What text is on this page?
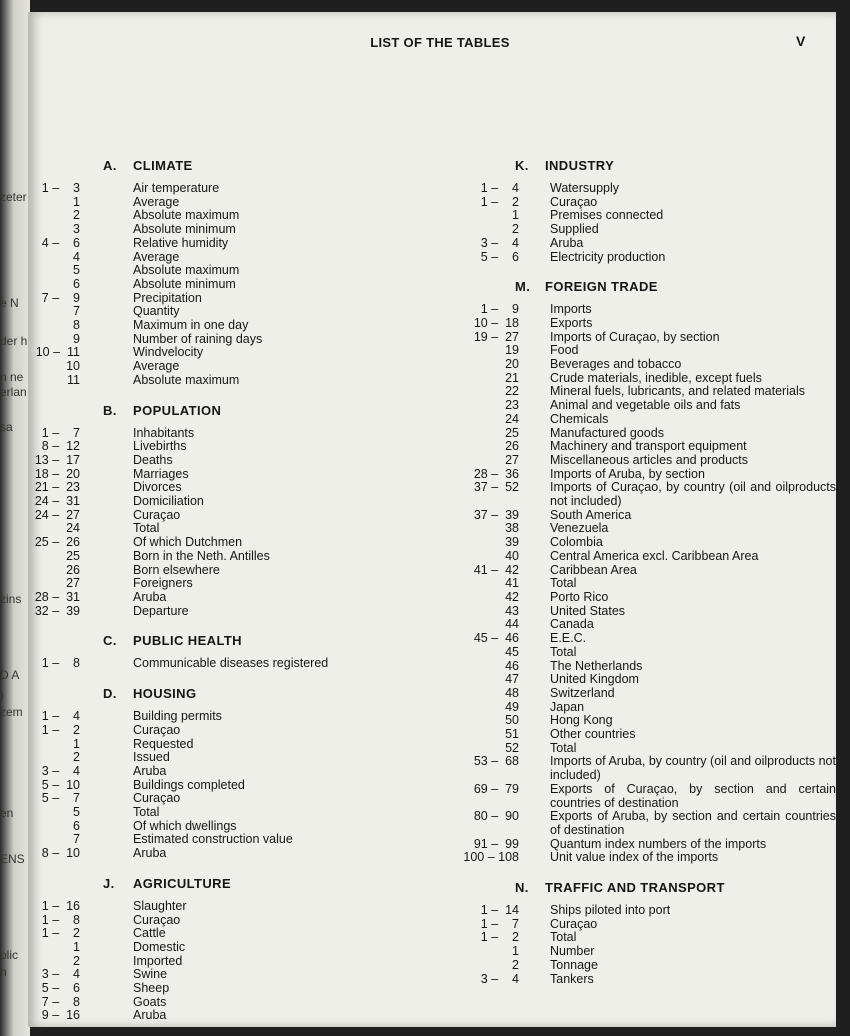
zeter
e N
der h
n ne
erlan
sa
zins
D A
)
zem
en
ENS
olic
n
LIST OF THE TABLES	V
A.	CLIMATE
1 –    3	Air temperature
1	Average
2	Absolute maximum
3	Absolute minimum
4 –    6	Relative humidity
4	Average
5	Absolute maximum
6	Absolute minimum
7 –    9	Precipitation
7	Quantity
8	Maximum in one day
9	Number of raining days
10 –  11	Windvelocity
10	Average
11	Absolute maximum
B.	POPULATION
1 –    7	Inhabitants
8 –  12	Livebirths
13 –  17	Deaths
18 –  20	Marriages
21 –  23	Divorces
24 –  31	Domiciliation
24 –  27	Curaçao
24	Total
25 –  26	Of which Dutchmen
25	Born in the Neth. Antilles
26	Born elsewhere
27	Foreigners
28 –  31	Aruba
32 –  39	Departure
C.	PUBLIC HEALTH
1 –    8	Communicable diseases registered
D.	HOUSING
1 –    4	Building permits
1 –    2	Curaçao
1	Requested
2	Issued
3 –    4	Aruba
5 –  10	Buildings completed
5 –    7	Curaçao
5	Total
6	Of which dwellings
7	Estimated construction value
8 –  10	Aruba
J.	AGRICULTURE
1 –  16	Slaughter
1 –    8	Curaçao
1 –    2	Cattle
1	Domestic
2	Imported
3 –    4	Swine
5 –    6	Sheep
7 –    8	Goats
9 –  16	Aruba
K.	INDUSTRY
1 –    4 Watersupply
1 –    2 Curaçao
1 Premises connected
2 Supplied
3 –    4 Aruba
5 –    6 Electricity production
M.	FOREIGN TRADE
1 –    9 Imports
10 –  18 Exports
19 –  27 Imports of Curaçao, by section
19 Food
20 Beverages and tobacco
21 Crude materials, inedible, except fuels
22 Mineral fuels, lubricants, and related materials
23 Animal and vegetable oils and fats
24 Chemicals
25 Manufactured goods
26 Machinery and transport equipment
27 Miscellaneous articles and products
28 –  36 Imports of Aruba, by section
37 –  52 Imports of Curaçao, by country (oil and oilproducts not included)
37 –  39 South America
38 Venezuela
39 Colombia
40 Central America excl. Caribbean Area
41 –  42 Caribbean Area
41 Total
42 Porto Rico
43 United States
44 Canada
45 –  46 E.E.C.
45 Total
46 The Netherlands
47 United Kingdom
48 Switzerland
49 Japan
50 Hong Kong
51 Other countries
52 Total
53 –  68 Imports of Aruba, by country (oil and oilproducts not included)
69 –  79 Exports of Curaçao, by section and certain countries of destination
80 –  90 Exports of Aruba, by section and certain countries of destination
91 –  99 Quantum index numbers of the imports
100 – 108 Unit value index of the imports
N.	TRAFFIC AND TRANSPORT
1 –  14 Ships piloted into port
1 –    7 Curaçao
1 –    2 Total
1 Number
2 Tonnage
3 –    4 Tankers
